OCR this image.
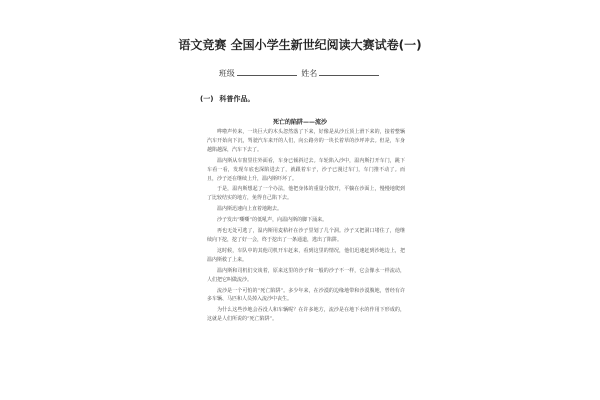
语文竞赛 全国小学生新世纪阅读大赛试卷(一)
班级	姓名
(一) 科普作品。
死亡的陷阱——流沙

哗啦声传来，一块巨大的木头忽然落了下来，好像是从沙丘顶上滑下来的，接着整辆汽车开始向下沉，驾驶汽车来开的人们，向公路旁的一块长着草的沙坪冲去。但是，车身越陷越深，汽车下去了。

温内斯从车窗里往外面看，车身已倾斜过去。车轮陷入沙中，温内斯打开车门，跳下车看一看，发现车底也深陷进去了，就跟着车子，沙子已漫过车门，车门推不动了。而且，沙子还在继续上升，温内斯吓坏了。

于是，温内斯想起了一个办法，他把身体的重量分散开，平躺在沙面上，慢慢地爬到了比较结实的地方，免得自己陷下去。

温内斯迅速向上直着地跑去。

沙子发出“嘶嘶”的低吼声，向温内斯的脚下涌来。

再也无处可逃了，温内斯用麦秸秆在沙子里划了几个洞。沙子又把洞口堵住了，他继续向下挖，挖了好一会，终于挖出了一条通道，逃出了陷阱。

这时候，车队中的其他司机开车赶来，看到这里的情况，他们迅速赶到沙地边上，把温内斯救了上来。

温内斯和司机们交谈着，原来这里的沙子和一般的沙子不一样，它会像水一样流动，人们把它叫做流沙。

流沙是一个可怕的“死亡陷阱”。多少年来，在沙漠的边缘地带和沙漠腹地，曾经有许多车辆、马匹和人员掉入流沙中丧生。

为什么这些沙地会吞没人和车辆呢？在许多地方，流沙是在地下水的作用下形成的，这就是人们所说的“死亡陷阱”。
